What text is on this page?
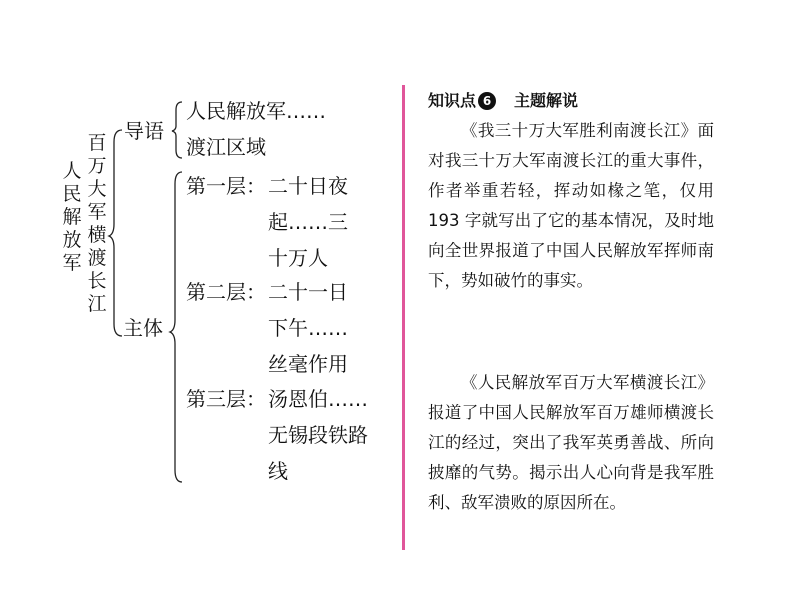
人民解放军
百万大军横渡长江
导语
主体
人民解放军……
渡江区域
第一层： 二十日夜
起……三
十万人
第二层： 二十一日
下午……
丝毫作用
第三层： 汤恩伯……
无锡段铁路
线
知识点 6 主题解说
《我三十万大军胜利南渡长江》面对我三十万大军南渡长江的重大事件，作者举重若轻，挥动如椽之笔，仅用 193 字就写出了它的基本情况，及时地向全世界报道了中国人民解放军挥师南下，势如破竹的事实。
《人民解放军百万大军横渡长江》报道了中国人民解放军百万雄师横渡长江的经过，突出了我军英勇善战、所向披靡的气势。揭示出人心向背是我军胜利、敌军溃败的原因所在。
